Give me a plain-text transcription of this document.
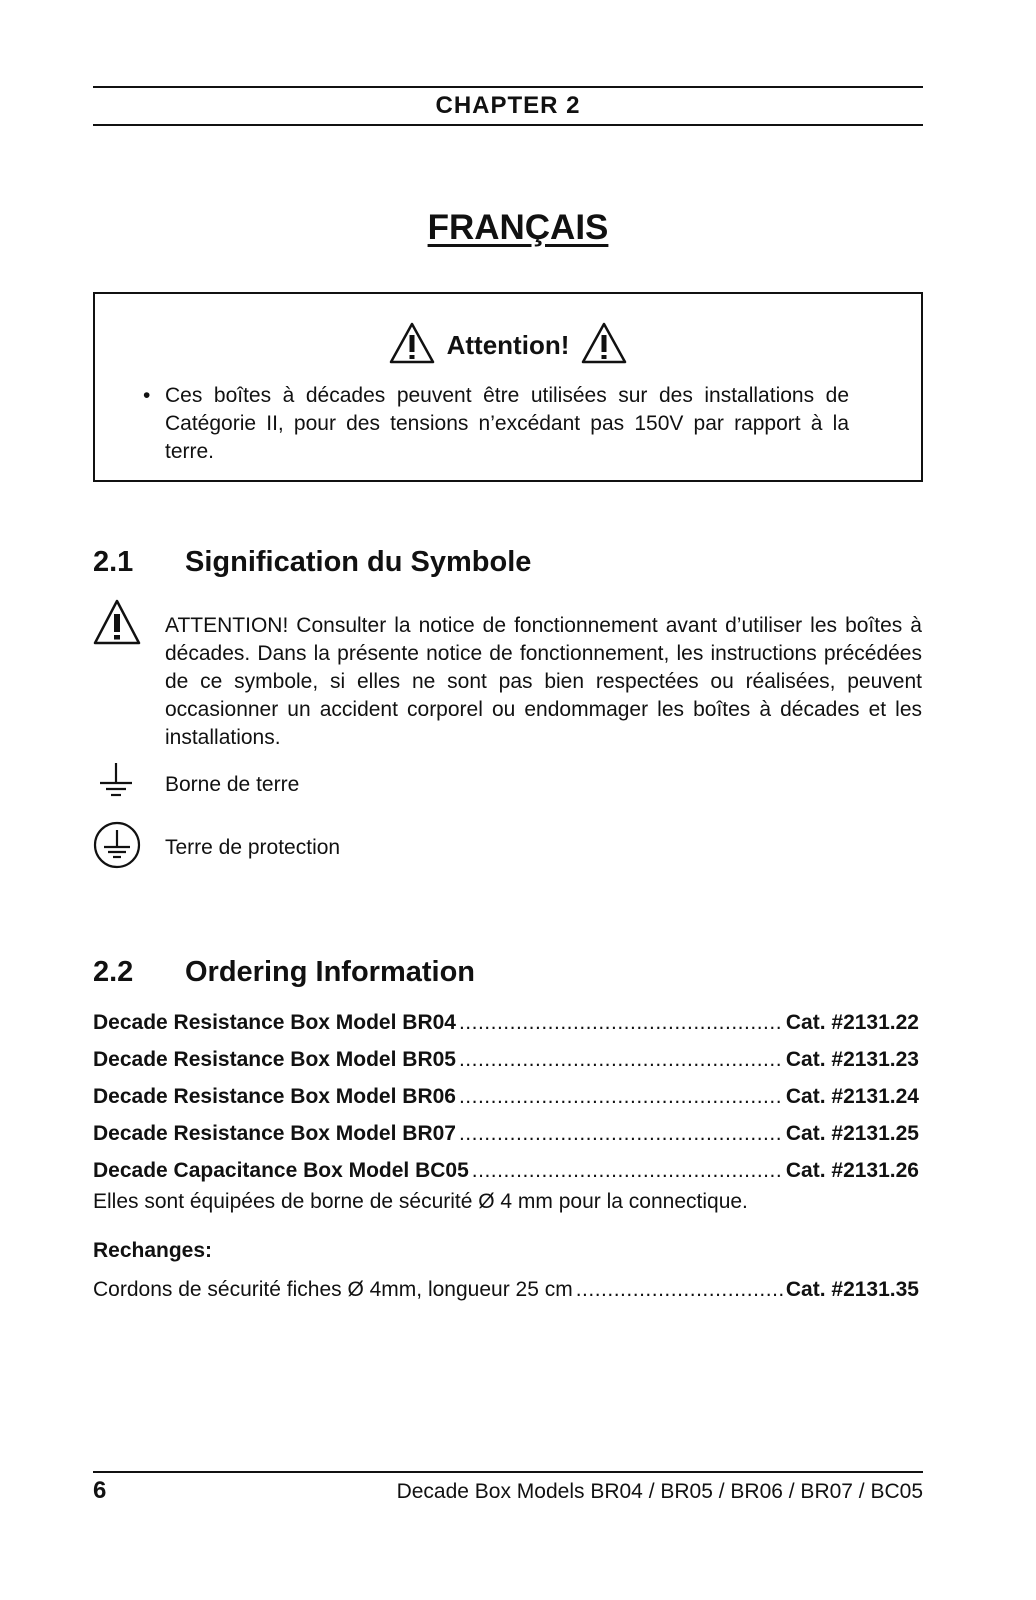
CHAPTER 2
FRANÇAIS
Attention!
• Ces boîtes à décades peuvent être utilisées sur des installations de Catégorie II, pour des tensions n’excédant pas 150V par rapport à la terre.
2.1 Signification du Symbole
ATTENTION! Consulter la notice de fonctionnement avant d’utiliser les boîtes à décades. Dans la présente notice de fonctionnement, les instructions précédées de ce symbole, si elles ne sont pas bien respectées ou réalisées, peuvent occasionner un accident corporel ou endommager les boîtes à décades et les installations.
Borne de terre
Terre de protection
2.2 Ordering Information
Decade Resistance Box Model BR04 .....	Cat. #2131.22
Decade Resistance Box Model BR05 .....	Cat. #2131.23
Decade Resistance Box Model BR06 .....	Cat. #2131.24
Decade Resistance Box Model BR07 .....	Cat. #2131.25
Decade Capacitance Box Model BC05 .....	Cat. #2131.26
Elles sont équipées de borne de sécurité Ø 4 mm pour la connectique.
Rechanges:
Cordons de sécurité fiches Ø 4mm, longueur 25 cm .....	Cat. #2131.35
6	Decade Box Models BR04 / BR05 / BR06 / BR07 / BC05
